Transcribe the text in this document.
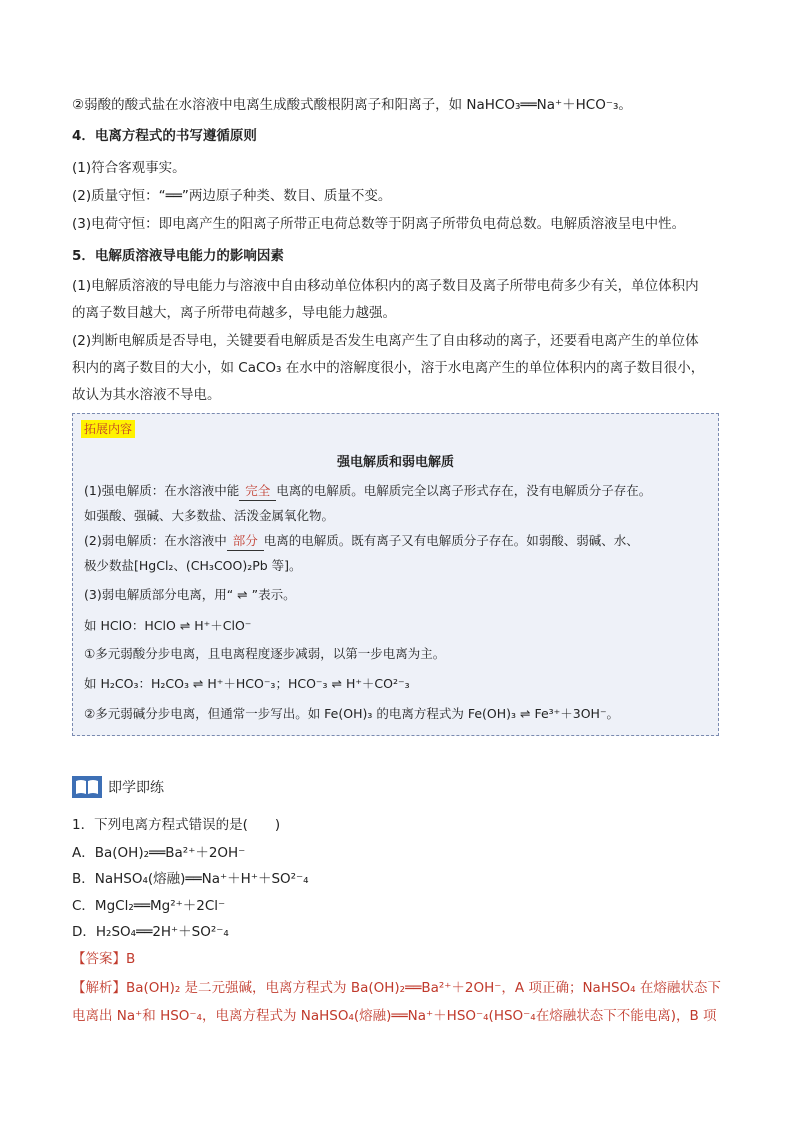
②弱酸的酸式盐在水溶液中电离生成酸式酸根阴离子和阳离子，如 NaHCO₃══Na⁺＋HCO⁻₃。
4．电离方程式的书写遵循原则
(1)符合客观事实。
(2)质量守恒：“══”两边原子种类、数目、质量不变。
(3)电荷守恒：即电离产生的阳离子所带正电荷总数等于阴离子所带负电荷总数。电解质溶液呈电中性。
5．电解质溶液导电能力的影响因素
(1)电解质溶液的导电能力与溶液中自由移动单位体积内的离子数目及离子所带电荷多少有关，单位体积内
的离子数目越大，离子所带电荷越多，导电能力越强。
(2)判断电解质是否导电，关键要看电解质是否发生电离产生了自由移动的离子，还要看电离产生的单位体
积内的离子数目的大小，如 CaCO₃ 在水中的溶解度很小，溶于水电离产生的单位体积内的离子数目很小，
故认为其水溶液不导电。
拓展内容
强电解质和弱电解质
(1)强电解质：在水溶液中能 完全 电离的电解质。电解质完全以离子形式存在，没有电解质分子存在。
如强酸、强碱、大多数盐、活泼金属氧化物。
(2)弱电解质：在水溶液中 部分 电离的电解质。既有离子又有电解质分子存在。如弱酸、弱碱、水、
极少数盐[HgCl₂、(CH₃COO)₂Pb 等]。
(3)弱电解质部分电离，用“ ⇌ ”表示。
如 HClO：HClO ⇌ H⁺＋ClO⁻
①多元弱酸分步电离，且电离程度逐步减弱，以第一步电离为主。
如 H₂CO₃：H₂CO₃ ⇌ H⁺＋HCO⁻₃；HCO⁻₃ ⇌ H⁺＋CO²⁻₃
②多元弱碱分步电离，但通常一步写出。如 Fe(OH)₃ 的电离方程式为 Fe(OH)₃ ⇌ Fe³⁺＋3OH⁻。
即学即练
1．下列电离方程式错误的是(　　)
A．Ba(OH)₂══Ba²⁺＋2OH⁻
B．NaHSO₄(熔融)══Na⁺＋H⁺＋SO²⁻₄
C．MgCl₂══Mg²⁺＋2Cl⁻
D．H₂SO₄══2H⁺＋SO²⁻₄
【答案】B
【解析】Ba(OH)₂ 是二元强碱，电离方程式为 Ba(OH)₂══Ba²⁺＋2OH⁻，A 项正确；NaHSO₄ 在熔融状态下
电离出 Na⁺和 HSO⁻₄，电离方程式为 NaHSO₄(熔融)══Na⁺＋HSO⁻₄(HSO⁻₄在熔融状态下不能电离)，B 项
